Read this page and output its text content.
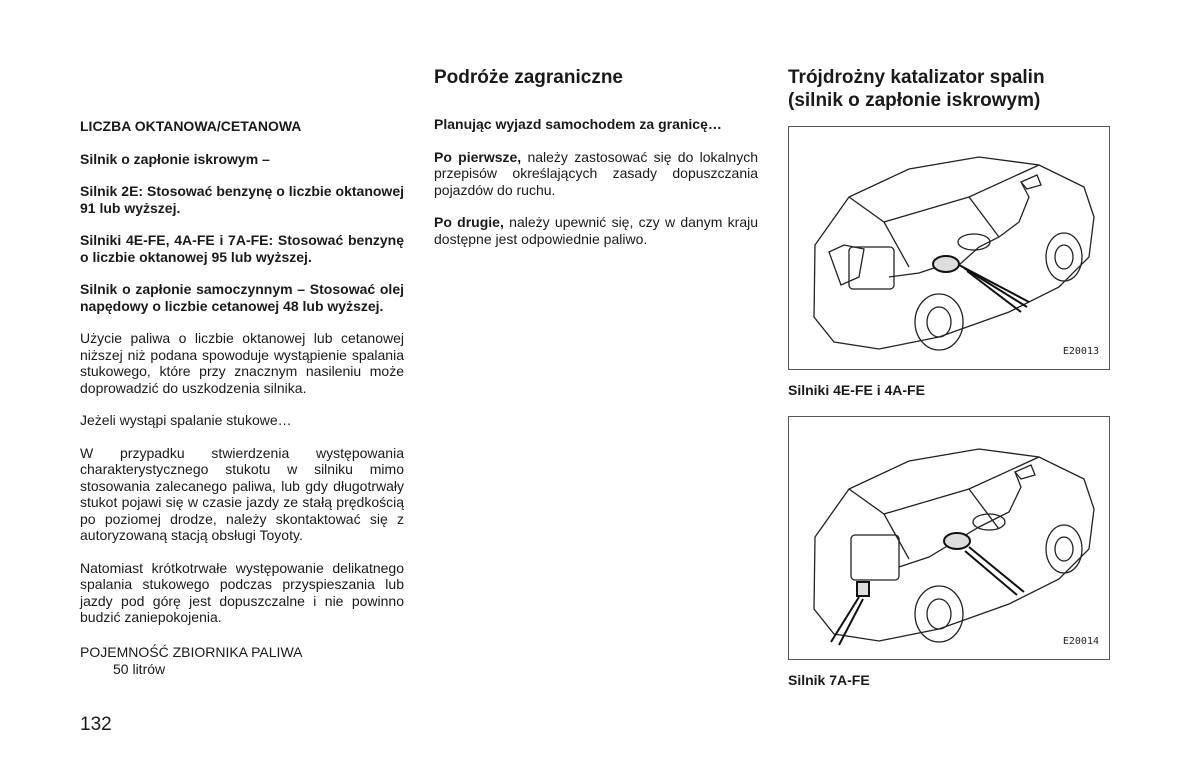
LICZBA OKTANOWA/CETANOWA

Silnik o zapłonie iskrowym –

Silnik 2E: Stosować benzynę o liczbie oktanowej 91 lub wyższej.

Silniki 4E-FE, 4A-FE i 7A-FE: Stosować benzynę o liczbie oktanowej 95 lub wyższej.

Silnik o zapłonie samoczynnym – Stosować olej napędowy o liczbie cetanowej 48 lub wyższej.

Użycie paliwa o liczbie oktanowej lub cetanowej niższej niż podana spowoduje wystąpienie spalania stukowego, które przy znacznym nasileniu może doprowadzić do uszkodzenia silnika.

Jeżeli wystąpi spalanie stukowe…

W przypadku stwierdzenia występowania charakterystycznego stukotu w silniku mimo stosowania zalecanego paliwa, lub gdy długotrwały stukot pojawi się w czasie jazdy ze stałą prędkością po poziomej drodze, należy skontaktować się z autoryzowaną stacją obsługi Toyoty.

Natomiast krótkotrwałe występowanie delikatnego spalania stukowego podczas przyspieszania lub jazdy pod górę jest dopuszczalne i nie powinno budzić zaniepokojenia.

POJEMNOŚĆ ZBIORNIKA PALIWA
50 litrów
Podróże zagraniczne

Planując wyjazd samochodem za granicę…

Po pierwsze, należy zastosować się do lokalnych przepisów określających zasady dopuszczania pojazdów do ruchu.

Po drugie, należy upewnić się, czy w danym kraju dostępne jest odpowiednie paliwo.

Trójdrożny katalizator spalin
(silnik o zapłonie iskrowym)
E20013
Silniki 4E-FE i 4A-FE
E20014
Silnik 7A-FE
132
